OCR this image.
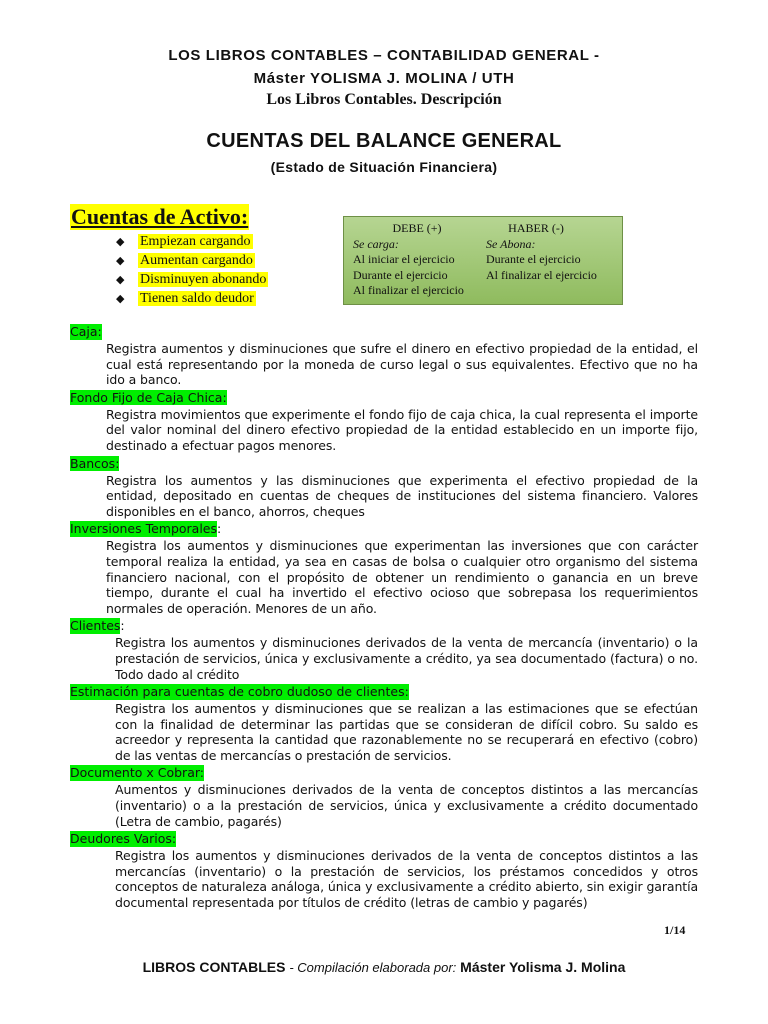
LOS LIBROS CONTABLES – CONTABILIDAD GENERAL -
Máster YOLISMA J. MOLINA / UTH
Los Libros Contables. Descripción
CUENTAS DEL BALANCE GENERAL
(Estado de Situación Financiera)
Cuentas de Activo:
◆ Empiezan cargando
◆ Aumentan cargando
◆ Disminuyen abonando
◆ Tienen saldo deudor
DEBE (+)
Se carga:
Al iniciar el ejercicio
Durante el ejercicio
Al finalizar el ejercicio
HABER (-)
Se Abona:
Durante el ejercicio
Al finalizar el ejercicio
Caja:

Registra aumentos y disminuciones que sufre el dinero en efectivo propiedad de la entidad, el cual está representando por la moneda de curso legal o sus equivalentes. Efectivo que no ha ido a banco.

Fondo Fijo de Caja Chica:

Registra movimientos que experimente el fondo fijo de caja chica, la cual representa el importe del valor nominal del dinero efectivo propiedad de la entidad establecido en un importe fijo, destinado a efectuar pagos menores.

Bancos:

Registra los aumentos y las disminuciones que experimenta el efectivo propiedad de la entidad, depositado en cuentas de cheques de instituciones del sistema financiero. Valores disponibles en el banco, ahorros, cheques

Inversiones Temporales:

Registra los aumentos y disminuciones que experimentan las inversiones que con carácter temporal realiza la entidad, ya sea en casas de bolsa o cualquier otro organismo del sistema financiero nacional, con el propósito de obtener un rendimiento o ganancia en un breve tiempo, durante el cual ha invertido el efectivo ocioso que sobrepasa los requerimientos normales de operación. Menores de un año.

Clientes:

Registra los aumentos y disminuciones derivados de la venta de mercancía (inventario) o la prestación de servicios, única y exclusivamente a crédito, ya sea documentado (factura) o no. Todo dado al crédito

Estimación para cuentas de cobro dudoso de clientes:

Registra los aumentos y disminuciones que se realizan a las estimaciones que se efectúan con la finalidad de determinar las partidas que se consideran de difícil cobro. Su saldo es acreedor y representa la cantidad que razonablemente no se recuperará en efectivo (cobro) de las ventas de mercancías o prestación de servicios.

Documento x Cobrar:

Aumentos y disminuciones derivados de la venta de conceptos distintos a las mercancías (inventario) o a la prestación de servicios, única y exclusivamente a crédito documentado (Letra de cambio, pagarés)

Deudores Varios:

Registra los aumentos y disminuciones derivados de la venta de conceptos distintos a las mercancías (inventario) o la prestación de servicios, los préstamos concedidos y otros conceptos de naturaleza análoga, única y exclusivamente a crédito abierto, sin exigir garantía documental representada por títulos de crédito (letras de cambio y pagarés)

1/14
LIBROS CONTABLES - Compilación elaborada por: Máster Yolisma J. Molina
